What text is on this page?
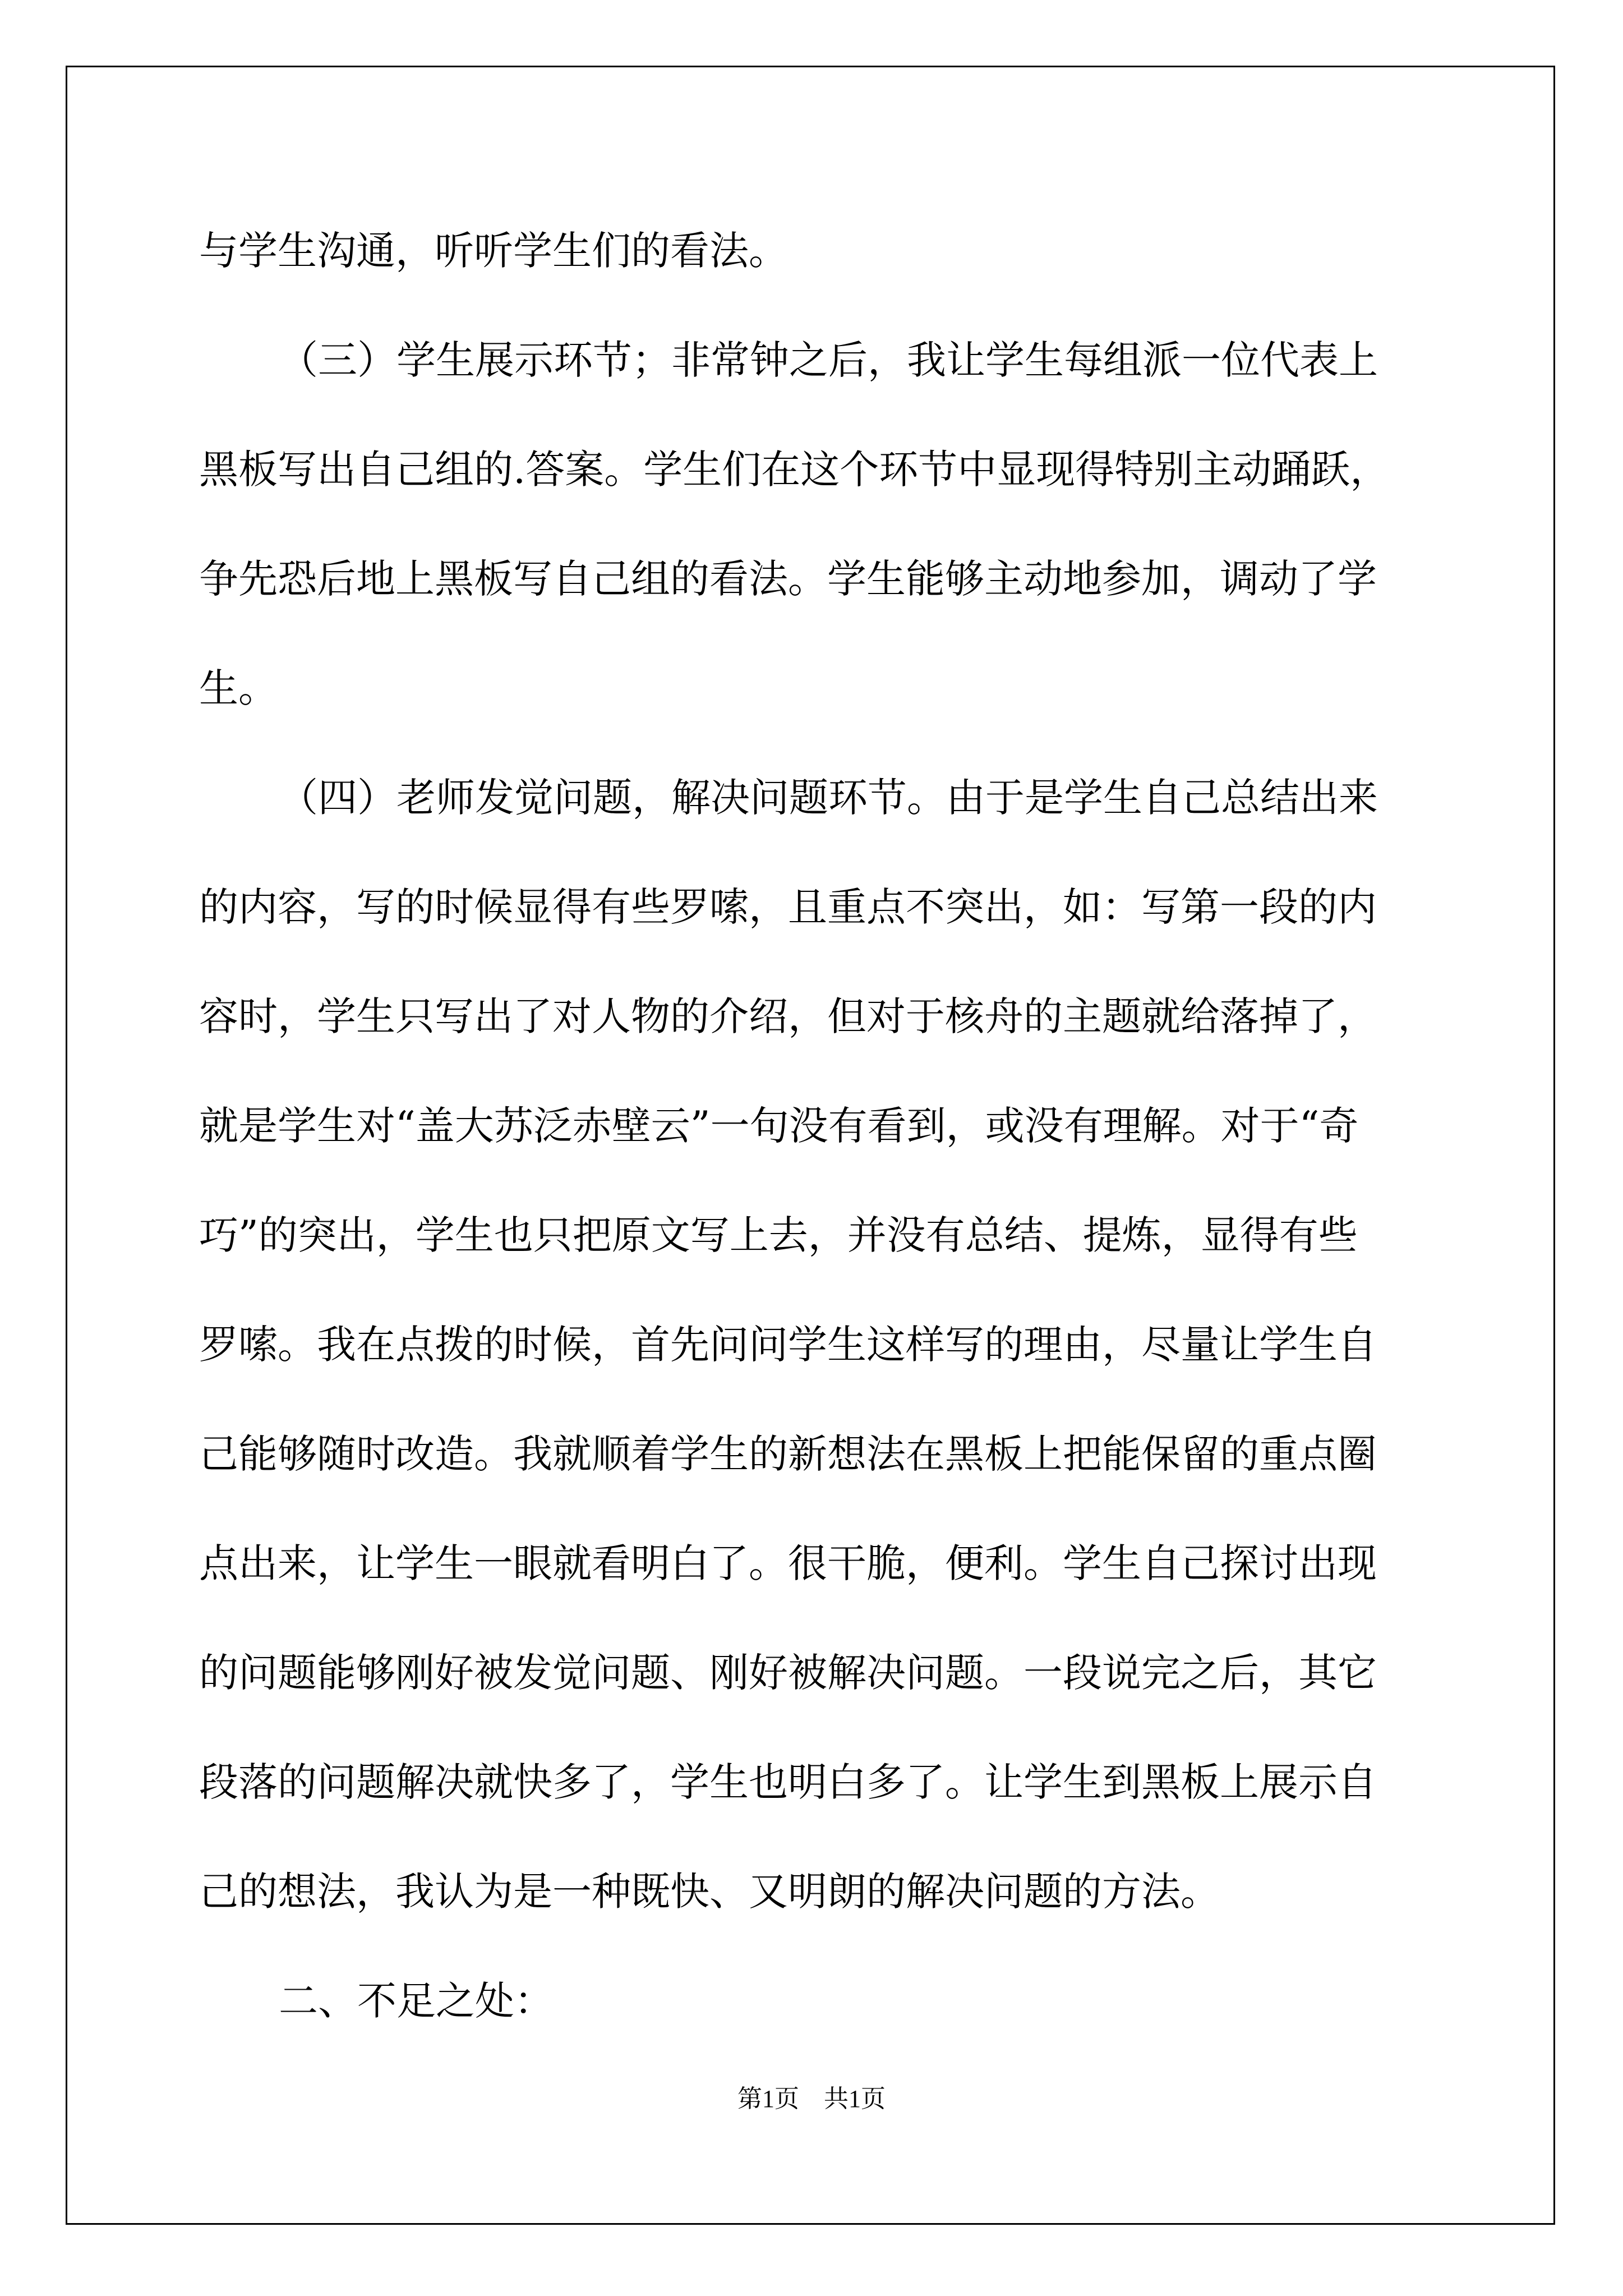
与学生沟通，听听学生们的看法。
（三）学生展示环节；非常钟之后，我让学生每组派一位代表上
黑板写出自己组的.答案。学生们在这个环节中显现得特别主动踊跃，
争先恐后地上黑板写自己组的看法。学生能够主动地参加，调动了学
生。
（四）老师发觉问题，解决问题环节。由于是学生自己总结出来
的内容，写的时候显得有些罗嗦，且重点不突出，如：写第一段的内
容时，学生只写出了对人物的介绍，但对于核舟的主题就给落掉了，
就是学生对“盖大苏泛赤壁云”一句没有看到，或没有理解。对于“奇
巧”的突出，学生也只把原文写上去，并没有总结、提炼，显得有些
罗嗦。我在点拨的时候，首先问问学生这样写的理由，尽量让学生自
己能够随时改造。我就顺着学生的新想法在黑板上把能保留的重点圈
点出来，让学生一眼就看明白了。很干脆，便利。学生自己探讨出现
的问题能够刚好被发觉问题、刚好被解决问题。一段说完之后，其它
段落的问题解决就快多了，学生也明白多了。让学生到黑板上展示自
己的想法，我认为是一种既快、又明朗的解决问题的方法。
二、不足之处：
第1页　共1页
